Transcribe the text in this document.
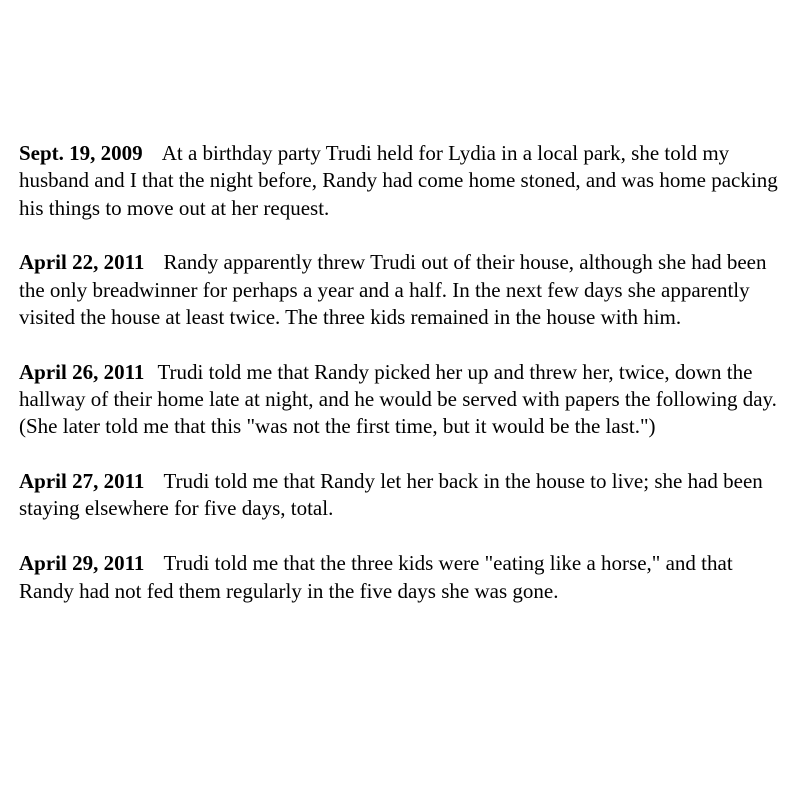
Sept. 19, 2009 At a birthday party Trudi held for Lydia in a local park, she told my husband and I that the night before, Randy had come home stoned, and was home packing his things to move out at her request.

April 22, 2011 Randy apparently threw Trudi out of their house, although she had been the only breadwinner for perhaps a year and a half. In the next few days she apparently visited the house at least twice. The three kids remained in the house with him.

April 26, 2011 Trudi told me that Randy picked her up and threw her, twice, down the hallway of their home late at night, and he would be served with papers the following day. (She later told me that this "was not the first time, but it would be the last.")

April 27, 2011 Trudi told me that Randy let her back in the house to live; she had been staying elsewhere for five days, total.

April 29, 2011 Trudi told me that the three kids were "eating like a horse," and that Randy had not fed them regularly in the five days she was gone.
